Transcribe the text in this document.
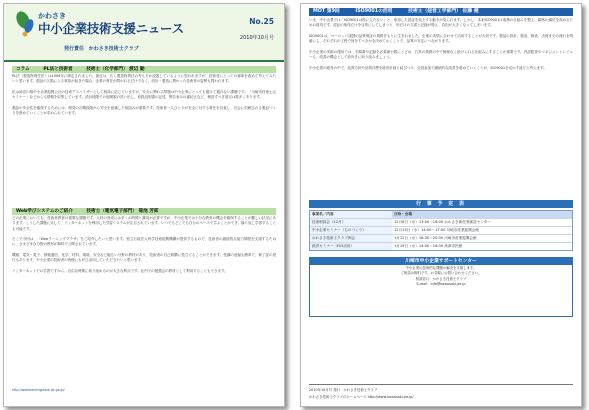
かわさき
中小企業技術支援ニュース	No.25
2010年10月号
発行責任 かわさき技術士クラブ
コラム	PL法と技術者	技術士（化学部門） 渡辺 勤
PL法（製造物責任法）は1994年に制定されました。最近は、広く製造物責任の考え方が浸透しているように思われますが、技術者にとっての意味を改めて考えてみたいと思います。製品の欠陥による事故が起きた場合、企業の責任が問われるだけでなく、設計・製造に携わった技術者の姿勢も問われます。

私は神奈川県中小企業振興公社の技術アドバイザーとして相談に応じていますが、安全に関わる問題は中小企業にとっても避けて通れない課題です。「川崎市技術士会セミナー」などからも情報を収集しています。設計段階での危険源の洗い出し、取扱説明書の記述、警告表示の適切さなど、検討すべき項目は数多くあります。

製品の安全性を確保するためには、開発の初期段階から安全を意識した取組みが重要です。技術者一人ひとりが安全に対する責任を自覚し、社会に信頼される製品づくりを進めていくことが求められています。
Web学びシステムのご紹介	技術士（電気電子部門） 菊池 芳郎
どの企業においても、技術者教育は重要な課題です。人材の育成には多くの時間と費用が必要ですが、中小企業では十分な教育の機会を確保することが難しい状況にあります。こうした課題に対して、インターネットを利用した学習システムが注目されています。いつでもどこでも自分のペースで学ぶことができ、繰り返し学習することも可能です。

そこで今回は、「Webラーニングプラザ」をご紹介したいと思います。独立行政法人科学技術振興機構が提供するもので、技術者の継続的な能力開発を支援するために、さまざまな分野の教材が無料で公開されています。

機械、電気・電子、情報通信、化学、材料、環境、安全など幅広い分野の教材があり、技術者の自己研鑽に役立てることができます。受講の登録も簡単で、修了証の発行もあります。中小企業の技術者の皆様にもぜひ活用していただきたいと思います。

インターネットでの学習ですから、自由な時間に取り組めるのが大きな利点です。社内での勉強会の教材として利用することもできます。
http://weblearningplaza.jst.go.jp/
MOT 第9回	ISO9001の活用	技術士（経営工学部門） 佐藤 健
いま、中小企業では「ISO9001は役に立たない」と、取得した認証を返上する動きが見られます。しかし、本来ISO9001は業務の仕組みを整え、顧客の満足を高めるための道具です。認証の取得だけを目的にしてしまうと、形だけの文書と記録が増え、負担が大きくなってしまいます。

ISO9001は、ヨーロッパ諸国の品質保証の規格をもとに生まれました。企業の実情に合わせて活用することが大切です。製品の設計、製造、検査、出荷までの流れを明確にし、それぞれの工程で何をすべきかを決めておくことで、品質の安定につながります。

中小企業の実際の運用では、手順書や記録を必要最小限にとどめ、日常の業務の中で無理なく続けられる仕組みにすることが重要です。内部監査やマネジメントレビューも、改善の機会として前向きに取り組みましょう。

中小企業の経営の中で、品質方針や品質目標を経営計画と結びつけ、全員参加で継続的な改善を進めていくことが、ISO9001を活かす道だと考えます。
行 事 予 定 表
事業名／内容	日時・会場
技術相談会（12月）	12月8日（水）13:00～16:00 かわさき新産業創造センター
中小企業セミナー（ものづくり）	12月15日（水）14:00～17:00 川崎市産業振興会館
かわさき技術士クラブ例会	1月12日（水）18:30～20:30 川崎市産業振興会館
経営セミナー（ISO活用）	1月19日（水）14:00～16:30 高津市民館
川崎市中小企業サポートセンター
中小企業の技術的な課題の解決を支援します。
ご相談は無料です。お気軽にお問い合わせください。
相談窓口：かわさき技術士クラブ
E-mail：info@kawasaki-pe.jp
2010年10月号 発行：かわさき技術士クラブ
かわさき技術士クラブのホームページ http://www.kawasaki-pe.jp/
